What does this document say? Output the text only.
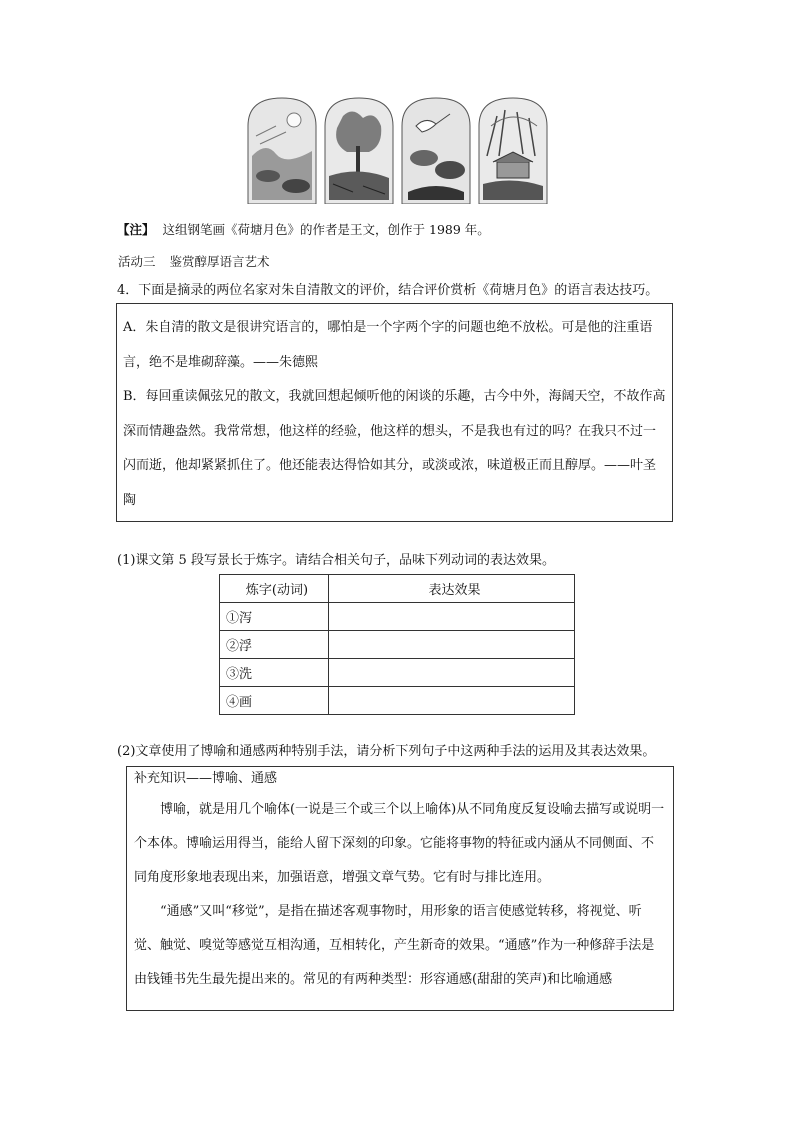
【注】 这组钢笔画《荷塘月色》的作者是王文，创作于 1989 年。
活动三 鉴赏醇厚语言艺术
4．下面是摘录的两位名家对朱自清散文的评价，结合评价赏析《荷塘月色》的语言表达技巧。

A．朱自清的散文是很讲究语言的，哪怕是一个字两个字的问题也绝不放松。可是他的注重语言，绝不是堆砌辞藻。——朱德熙

B．每回重读佩弦兄的散文，我就回想起倾听他的闲谈的乐趣，古今中外，海阔天空，不故作高深而情趣盎然。我常常想，他这样的经验，他这样的想头，不是我也有过的吗？在我只不过一闪而逝，他却紧紧抓住了。他还能表达得恰如其分，或淡或浓，味道极正而且醇厚。——叶圣陶

(1)课文第 5 段写景长于炼字。请结合相关句子，品味下列动词的表达效果。
炼字(动词)	表达效果
①泻	
②浮	
③洗	
④画	
(2)文章使用了博喻和通感两种特别手法，请分析下列句子中这两种手法的运用及其表达效果。
补充知识——博喻、通感

博喻，就是用几个喻体(一说是三个或三个以上喻体)从不同角度反复设喻去描写或说明一个本体。博喻运用得当，能给人留下深刻的印象。它能将事物的特征或内涵从不同侧面、不同角度形象地表现出来，加强语意，增强文章气势。它有时与排比连用。

“通感”又叫“移觉”，是指在描述客观事物时，用形象的语言使感觉转移，将视觉、听觉、触觉、嗅觉等感觉互相沟通，互相转化，产生新奇的效果。“通感”作为一种修辞手法是由钱锺书先生最先提出来的。常见的有两种类型：形容通感(甜甜的笑声)和比喻通感
